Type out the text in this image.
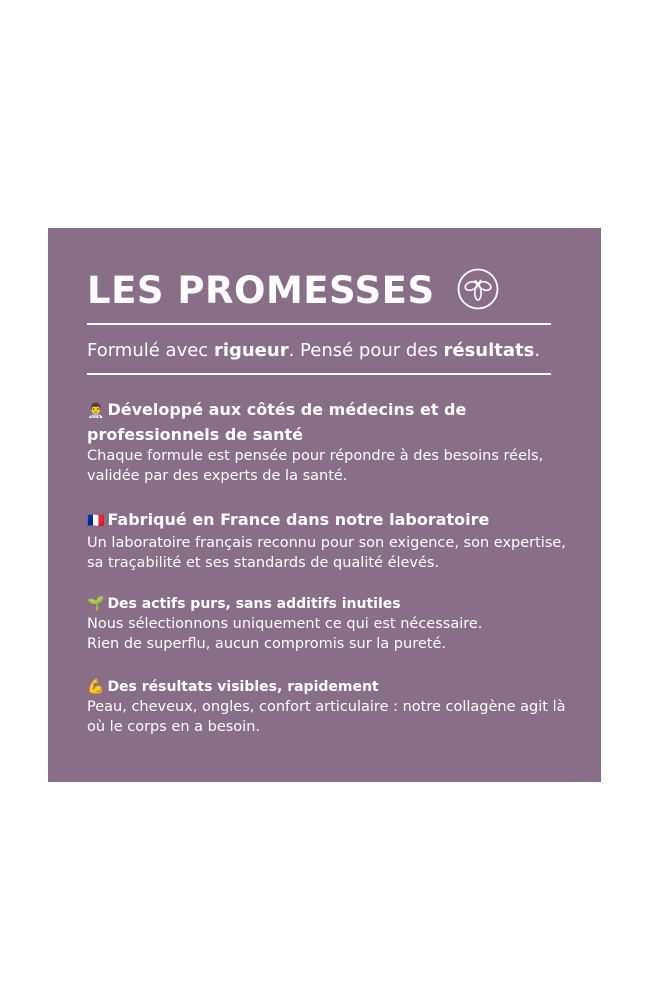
LES PROMESSES
Formulé avec rigueur. Pensé pour des résultats.
👨‍⚕️ Développé aux côtés de médecins et de professionnels de santé
Chaque formule est pensée pour répondre à des besoins réels, validée par des experts de la santé.
🇫🇷 Fabriqué en France dans notre laboratoire
Un laboratoire français reconnu pour son exigence, son expertise, sa traçabilité et ses standards de qualité élevés.
🌱 Des actifs purs, sans additifs inutiles
Nous sélectionnons uniquement ce qui est nécessaire.
Rien de superflu, aucun compromis sur la pureté.
💪 Des résultats visibles, rapidement
Peau, cheveux, ongles, confort articulaire : notre collagène agit là où le corps en a besoin.
